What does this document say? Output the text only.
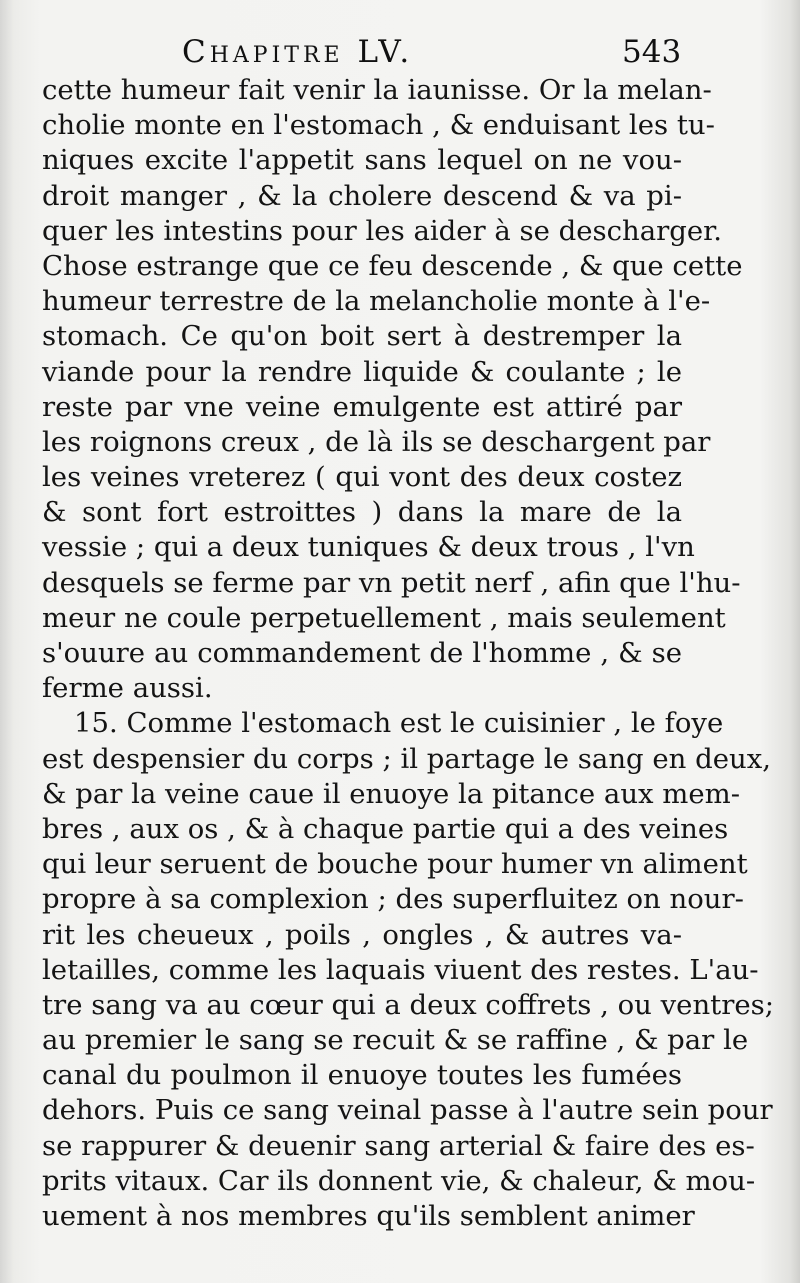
Chapitre LV.	543
cette humeur fait venir la iaunisse. Or la melan-
cholie monte en l'estomach , & enduisant les tu-
niques excite l'appetit sans lequel on ne vou-
droit manger , & la cholere descend & va pi-
quer les intestins pour les aider à se descharger.
Chose estrange que ce feu descende , & que cette
humeur terrestre de la melancholie monte à l'e-
stomach. Ce qu'on boit sert à destremper la
viande pour la rendre liquide & coulante ; le
reste par vne veine emulgente est attiré par
les roignons creux , de là ils se deschargent par
les veines vreterez ( qui vont des deux costez
& sont fort estroittes ) dans la mare de la
vessie ; qui a deux tuniques & deux trous , l'vn
desquels se ferme par vn petit nerf , afin que l'hu-
meur ne coule perpetuellement , mais seulement
s'ouure au commandement de l'homme , & se
ferme aussi.
15. Comme l'estomach est le cuisinier , le foye
est despensier du corps ; il partage le sang en deux,
& par la veine caue il enuoye la pitance aux mem-
bres , aux os , & à chaque partie qui a des veines
qui leur seruent de bouche pour humer vn aliment
propre à sa complexion ; des superfluitez on nour-
rit les cheueux , poils , ongles , & autres va-
letailles, comme les laquais viuent des restes. L'au-
tre sang va au cœur qui a deux coffrets , ou ventres;
au premier le sang se recuit & se raffine , & par le
canal du poulmon il enuoye toutes les fumées
dehors. Puis ce sang veinal passe à l'autre sein pour
se rappurer & deuenir sang arterial & faire des es-
prits vitaux. Car ils donnent vie, & chaleur, & mou-
uement à nos membres qu'ils semblent animer
